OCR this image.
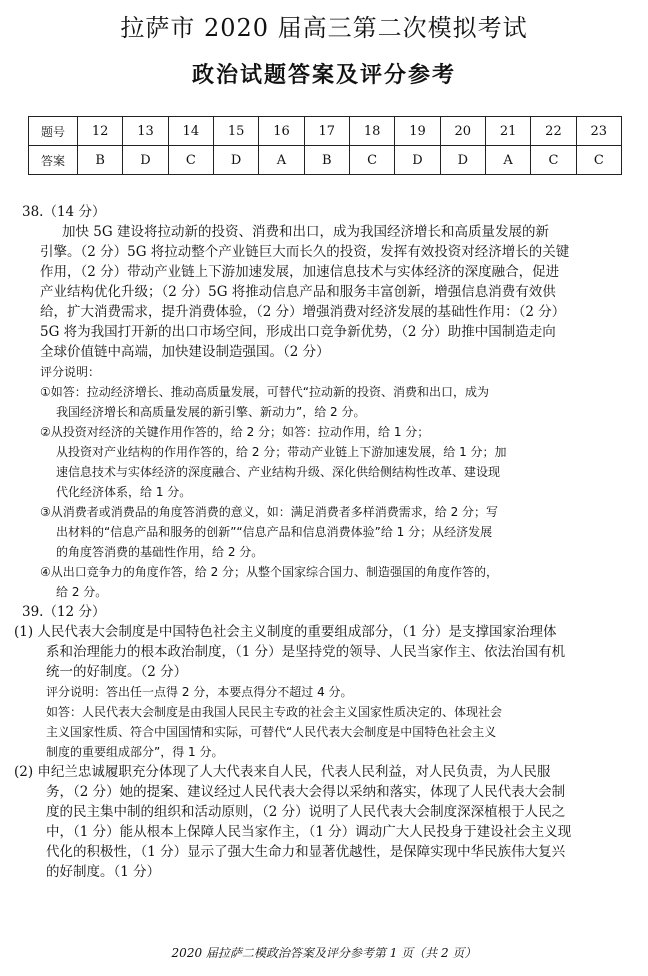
拉萨市 2020 届高三第二次模拟考试
政治试题答案及评分参考
题号	12	13	14	15	16	17	18	19	20	21	22	23
答案	B	D	C	D	A	B	C	D	D	A	C	C
38.（14 分）
加快 5G 建设将拉动新的投资、消费和出口，成为我国经济增长和高质量发展的新
引擎。（2 分）5G 将拉动整个产业链巨大而长久的投资，发挥有效投资对经济增长的关键
作用，（2 分）带动产业链上下游加速发展，加速信息技术与实体经济的深度融合，促进
产业结构优化升级；（2 分）5G 将推动信息产品和服务丰富创新，增强信息消费有效供
给，扩大消费需求，提升消费体验，（2 分）增强消费对经济发展的基础性作用：（2 分）
5G 将为我国打开新的出口市场空间，形成出口竞争新优势，（2 分）助推中国制造走向
全球价值链中高端，加快建设制造强国。（2 分）
评分说明：
①如答：拉动经济增长、推动高质量发展，可替代“拉动新的投资、消费和出口，成为
我国经济增长和高质量发展的新引擎、新动力”，给 2 分。
②从投资对经济的关键作用作答的，给 2 分；如答：拉动作用，给 1 分；
从投资对产业结构的作用作答的，给 2 分；带动产业链上下游加速发展，给 1 分；加
速信息技术与实体经济的深度融合、产业结构升级、深化供给侧结构性改革、建设现
代化经济体系，给 1 分。
③从消费者或消费品的角度答消费的意义，如：满足消费者多样消费需求，给 2 分；写
出材料的“信息产品和服务的创新”“信息产品和信息消费体验”给 1 分；从经济发展
的角度答消费的基础性作用，给 2 分。
④从出口竞争力的角度作答，给 2 分；从整个国家综合国力、制造强国的角度作答的，
给 2 分。
39.（12 分）
(1) 人民代表大会制度是中国特色社会主义制度的重要组成部分，（1 分）是支撑国家治理体
系和治理能力的根本政治制度，（1 分）是坚持党的领导、人民当家作主、依法治国有机
统一的好制度。（2 分）
评分说明：答出任一点得 2 分，本要点得分不超过 4 分。
如答：人民代表大会制度是由我国人民民主专政的社会主义国家性质决定的、体现社会
主义国家性质、符合中国国情和实际，可替代“人民代表大会制度是中国特色社会主义
制度的重要组成部分”，得 1 分。
(2) 申纪兰忠诚履职充分体现了人大代表来自人民，代表人民利益，对人民负责，为人民服
务，（2 分）她的提案、建议经过人民代表大会得以采纳和落实，体现了人民代表大会制
度的民主集中制的组织和活动原则，（2 分）说明了人民代表大会制度深深植根于人民之
中，（1 分）能从根本上保障人民当家作主，（1 分）调动广大人民投身于建设社会主义现
代化的积极性，（1 分）显示了强大生命力和显著优越性，是保障实现中华民族伟大复兴
的好制度。（1 分）
2020 届拉萨二模政治答案及评分参考第 1 页（共 2 页）
